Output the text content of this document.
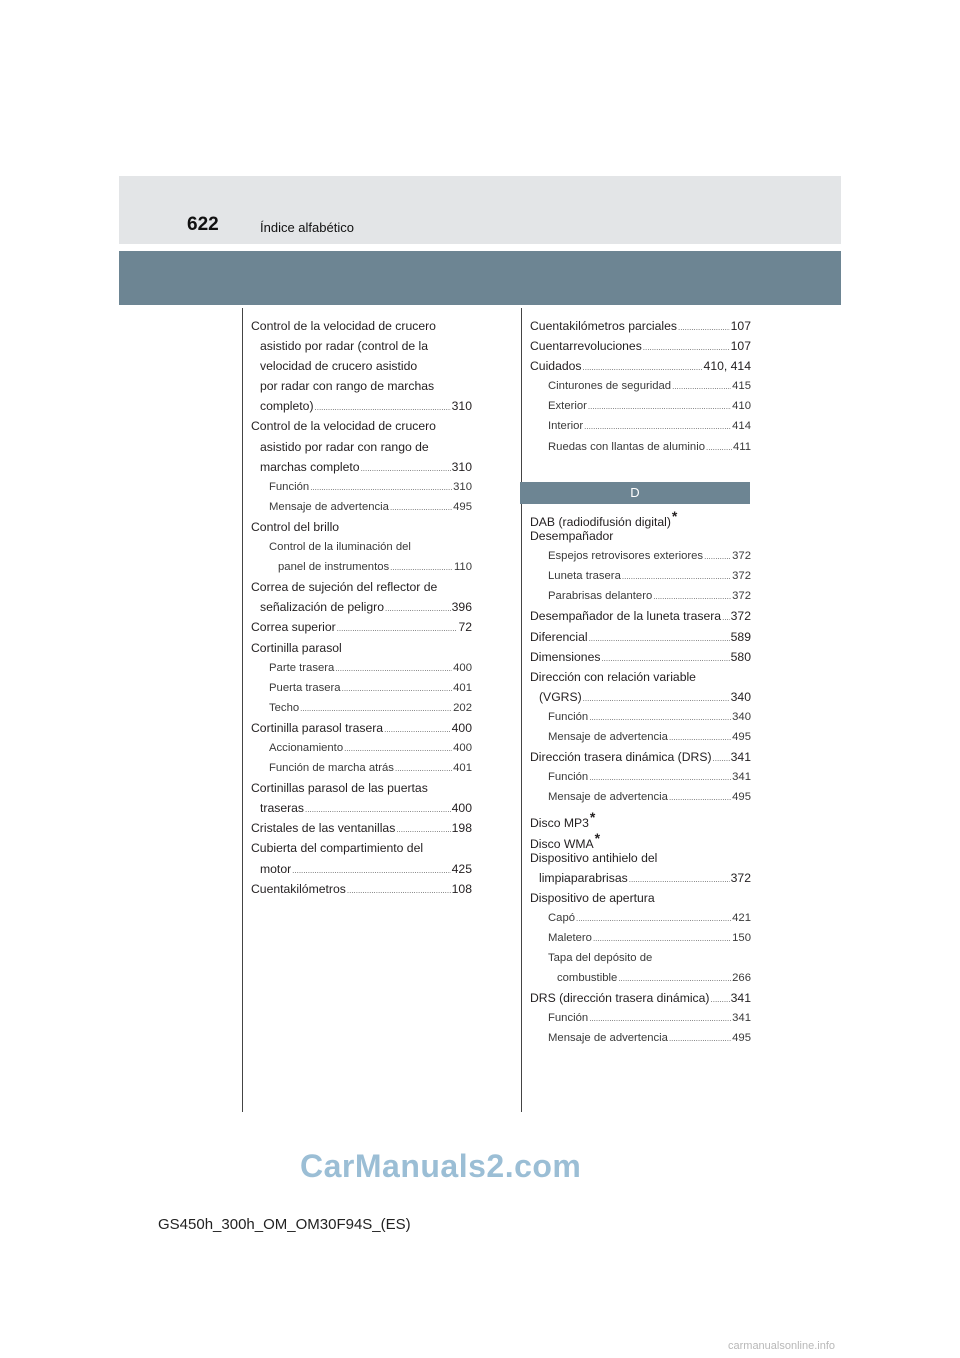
622	Índice alfabético
Control de la velocidad de crucero
asistido por radar (control de la
velocidad de crucero asistido
por radar con rango de marchas
completo) .....	310
Control de la velocidad de crucero
asistido por radar con rango de
marchas completo .....	310
Función .....	310
Mensaje de advertencia .....	495
Control del brillo
Control de la iluminación del
panel de instrumentos .....	110
Correa de sujeción del reflector de
señalización de peligro .....	396
Correa superior .....	72
Cortinilla parasol
Parte trasera .....	400
Puerta trasera .....	401
Techo .....	202
Cortinilla parasol trasera .....	400
Accionamiento .....	400
Función de marcha atrás .....	401
Cortinillas parasol de las puertas
traseras .....	400
Cristales de las ventanillas .....	198
Cubierta del compartimiento del
motor .....	425
Cuentakilómetros .....	108
Cuentakilómetros parciales .....	107
Cuentarrevoluciones .....	107
Cuidados .....	410, 414
Cinturones de seguridad .....	415
Exterior .....	410
Interior .....	414
Ruedas con llantas de aluminio ..... 411
D
DAB (radiodifusión digital)*
Desempañador
Espejos retrovisores exteriores .....	372
Luneta trasera .....	372
Parabrisas delantero .....	372
Desempañador de la luneta trasera ..... 372
Diferencial .....	589
Dimensiones .....	580
Dirección con relación variable
(VGRS) .....	340
Función .....	340
Mensaje de advertencia .....	495
Dirección trasera dinámica (DRS) ..... 341
Función .....	341
Mensaje de advertencia .....	495
Disco MP3*
Disco WMA*
Dispositivo antihielo del
limpiaparabrisas .....	372
Dispositivo de apertura
Capó .....	421
Maletero .....	150
Tapa del depósito de
combustible .....	266
DRS (dirección trasera dinámica) ..... 341
Función .....	341
Mensaje de advertencia .....	495
GS450h_300h_OM_OM30F94S_(ES)
CarManuals2.com
carmanualsonline.info
